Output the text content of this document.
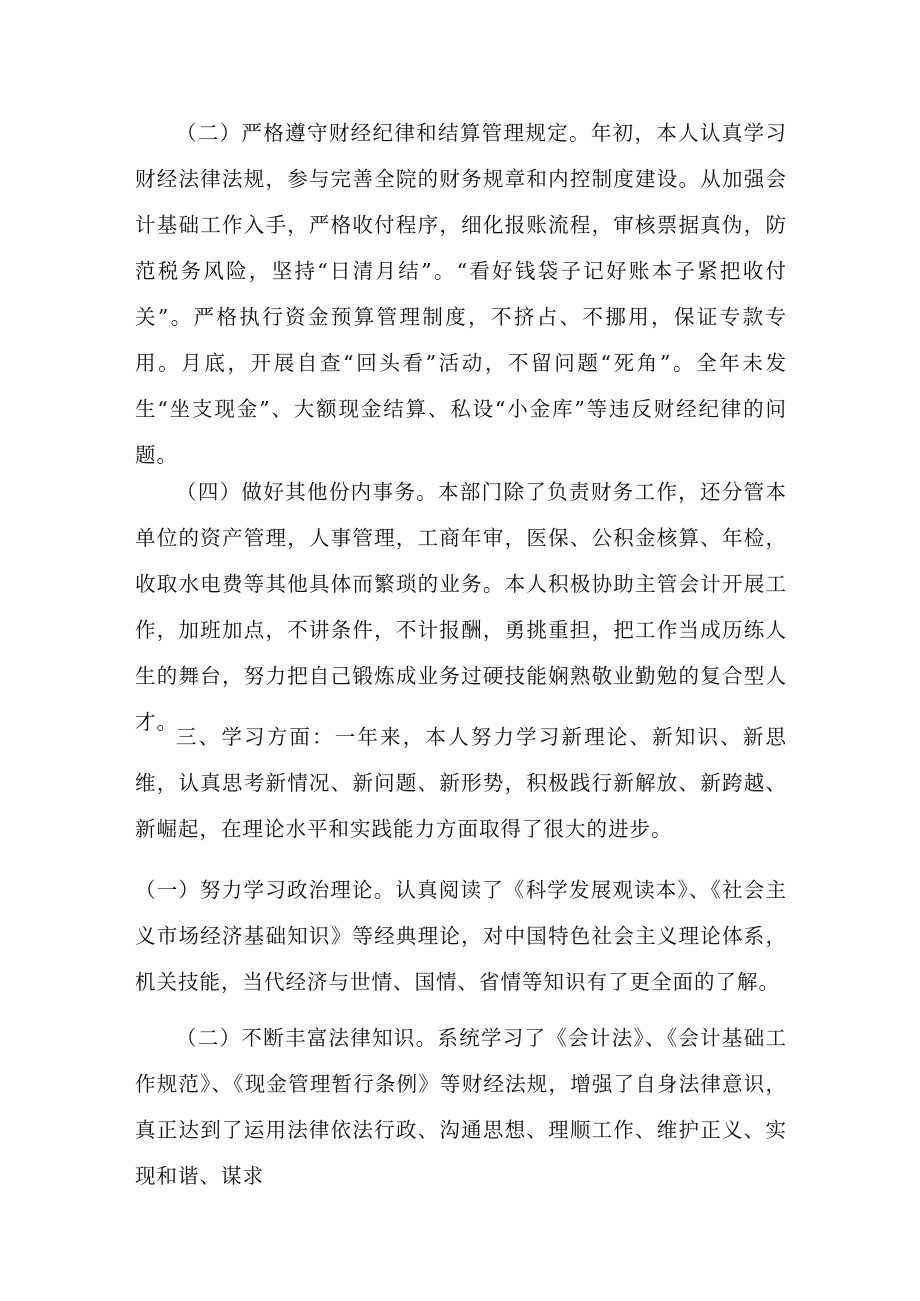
（二）严格遵守财经纪律和结算管理规定。年初，本人认真学习财经法律法规，参与完善全院的财务规章和内控制度建设。从加强会计基础工作入手，严格收付程序，细化报账流程，审核票据真伪，防范税务风险，坚持“日清月结”。“看好钱袋子记好账本子紧把收付关”。严格执行资金预算管理制度，不挤占、不挪用，保证专款专用。月底，开展自查“回头看”活动，不留问题“死角”。全年未发生“坐支现金”、大额现金结算、私设“小金库”等违反财经纪律的问题。

（四）做好其他份内事务。本部门除了负责财务工作，还分管本单位的资产管理，人事管理，工商年审，医保、公积金核算、年检，收取水电费等其他具体而繁琐的业务。本人积极协助主管会计开展工作，加班加点，不讲条件，不计报酬，勇挑重担，把工作当成历练人生的舞台，努力把自己锻炼成业务过硬技能娴熟敬业勤勉的复合型人才。

三、学习方面：一年来，本人努力学习新理论、新知识、新思维，认真思考新情况、新问题、新形势，积极践行新解放、新跨越、新崛起，在理论水平和实践能力方面取得了很大的进步。

（一）努力学习政治理论。认真阅读了《科学发展观读本》、《社会主义市场经济基础知识》等经典理论，对中国特色社会主义理论体系，机关技能，当代经济与世情、国情、省情等知识有了更全面的了解。

（二）不断丰富法律知识。系统学习了《会计法》、《会计基础工作规范》、《现金管理暂行条例》等财经法规，增强了自身法律意识，真正达到了运用法律依法行政、沟通思想、理顺工作、维护正义、实现和谐、谋求
